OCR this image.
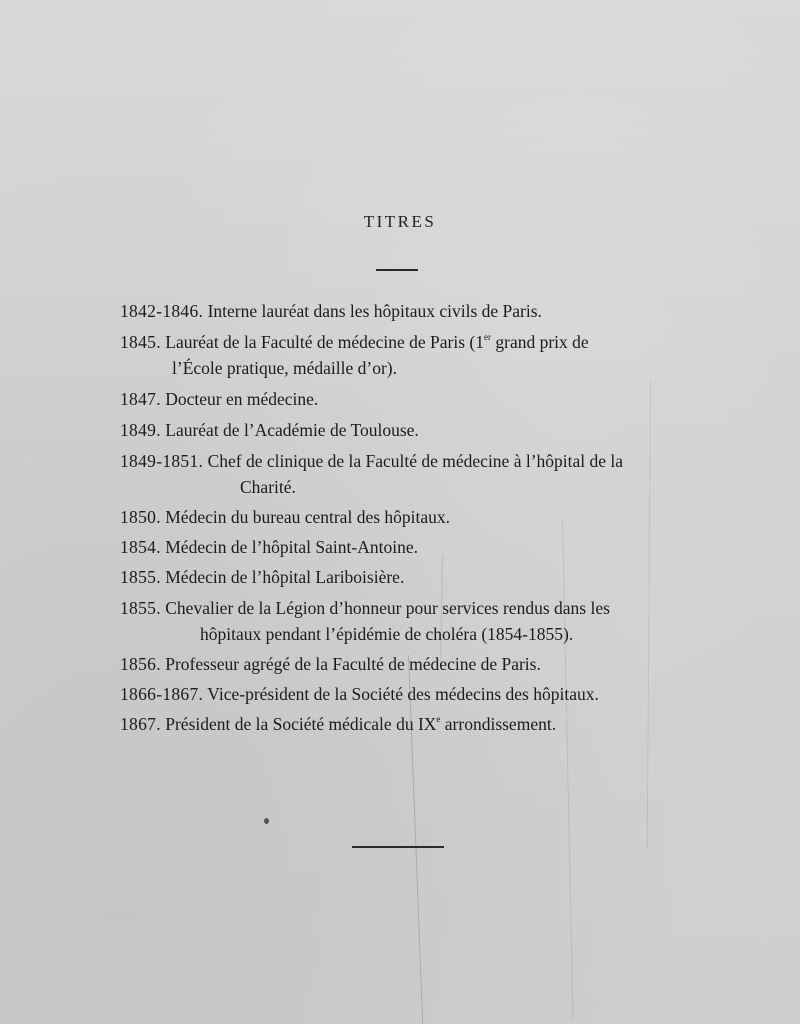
TITRES

1842-1846. Interne lauréat dans les hôpitaux civils de Paris.

1845. Lauréat de la Faculté de médecine de Paris (1er grand prix de
l’École pratique, médaille d’or).

1847. Docteur en médecine.

1849. Lauréat de l’Académie de Toulouse.

1849-1851. Chef de clinique de la Faculté de médecine à l’hôpital de la
Charité.

1850. Médecin du bureau central des hôpitaux.

1854. Médecin de l’hôpital Saint-Antoine.

1855. Médecin de l’hôpital Lariboisière.

1855. Chevalier de la Légion d’honneur pour services rendus dans les
hôpitaux pendant l’épidémie de choléra (1854-1855).

1856. Professeur agrégé de la Faculté de médecine de Paris.

1866-1867. Vice-président de la Société des médecins des hôpitaux.

1867. Président de la Société médicale du IXe arrondissement.
